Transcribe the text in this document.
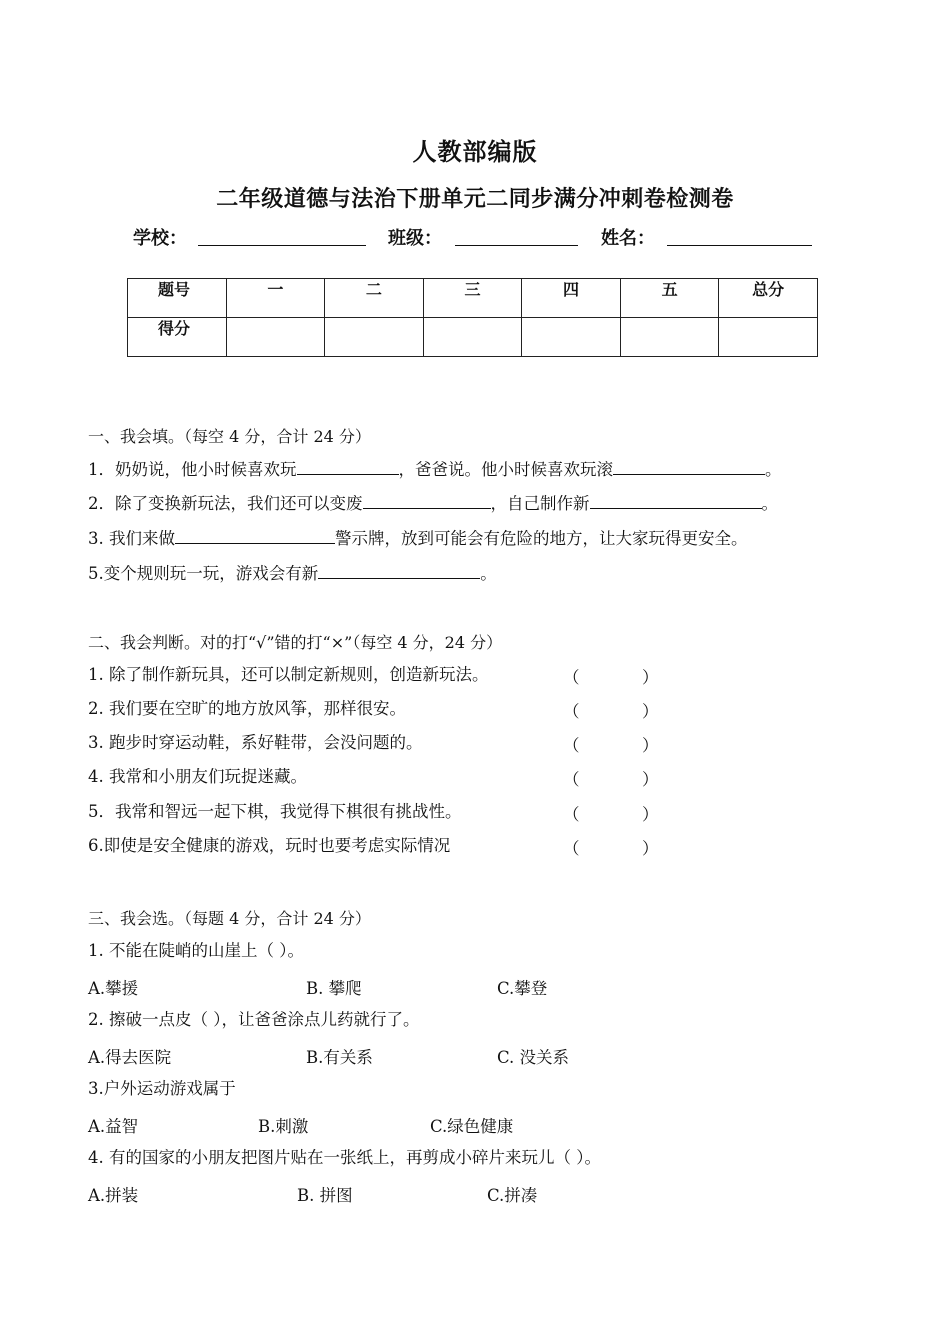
人教部编版
二年级道德与法治下册单元二同步满分冲刺卷检测卷
学校：	班级：	姓名：
题号	一	二	三	四	五	总分
得分						
一、我会填。（每空 4 分，合计 24 分）
1．奶奶说，他小时候喜欢玩	，爸爸说。他小时候喜欢玩滚	。
2．除了变换新玩法，我们还可以变废	，自己制作新	。
3. 我们来做	警示牌，放到可能会有危险的地方，让大家玩得更安全。
5.变个规则玩一玩，游戏会有新	。
二、我会判断。对的打“√”错的打“×”（每空 4 分，24 分）
1. 除了制作新玩具，还可以制定新规则，创造新玩法。	（	）
2. 我们要在空旷的地方放风筝，那样很安。	（	）
3. 跑步时穿运动鞋，系好鞋带，会没问题的。	（	）
4. 我常和小朋友们玩捉迷藏。	（	）
5．我常和智远一起下棋，我觉得下棋很有挑战性。	（	）
6.即使是安全健康的游戏，玩时也要考虑实际情况	（	）
三、我会选。（每题 4 分，合计 24 分）
1. 不能在陡峭的山崖上（ ）。
A.攀援	B. 攀爬	C.攀登
2. 擦破一点皮（ ），让爸爸涂点儿药就行了。
A.得去医院	B.有关系	C. 没关系
3.户外运动游戏属于
A.益智	B.刺激	C.绿色健康
4. 有的国家的小朋友把图片贴在一张纸上，再剪成小碎片来玩儿（ ）。
A.拼装	B. 拼图	C.拼凑
